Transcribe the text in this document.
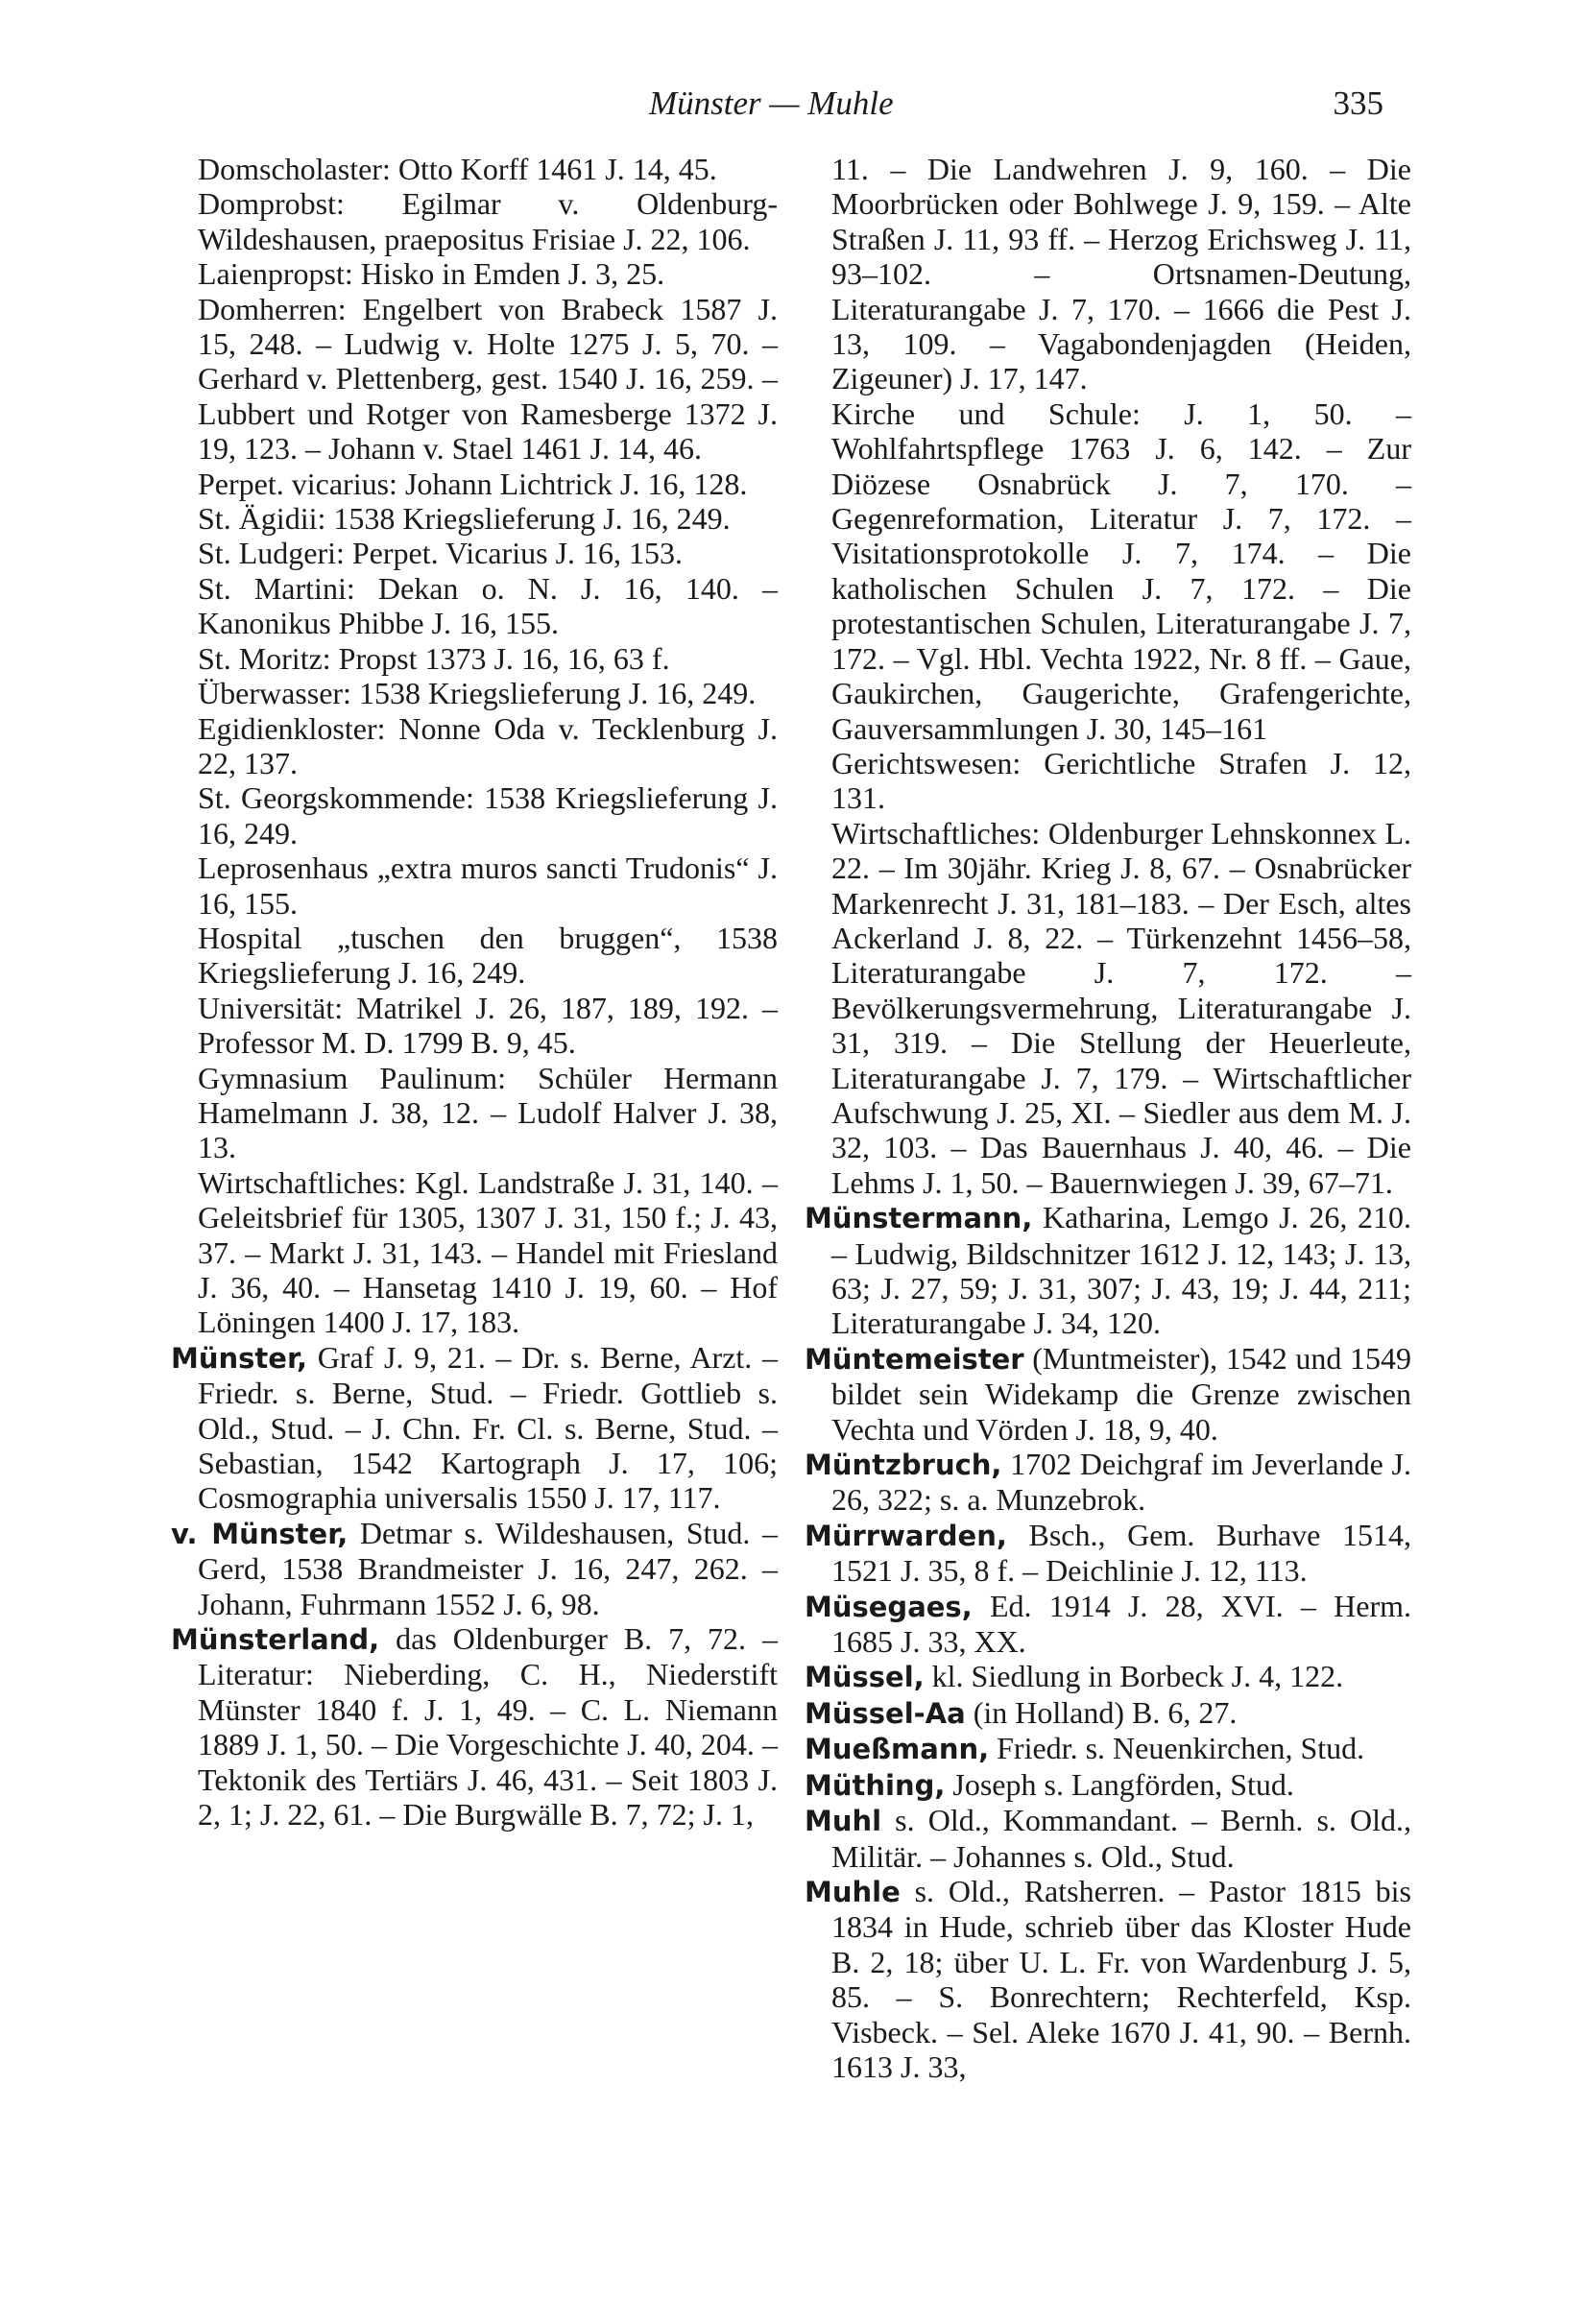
Münster — Muhle	335

Domscholaster: Otto Korff 1461 J. 14, 45.

Domprobst: Egilmar v. Oldenburg-Wildeshausen, praepositus Frisiae J. 22, 106.

Laienpropst: Hisko in Emden J. 3, 25.

Domherren: Engelbert von Brabeck 1587 J. 15, 248. – Ludwig v. Holte 1275 J. 5, 70. – Gerhard v. Plettenberg, gest. 1540 J. 16, 259. – Lubbert und Rotger von Ramesberge 1372 J. 19, 123. – Johann v. Stael 1461 J. 14, 46.

Perpet. vicarius: Johann Lichtrick J. 16, 128.

St. Ägidii: 1538 Kriegslieferung J. 16, 249.

St. Ludgeri: Perpet. Vicarius J. 16, 153.

St. Martini: Dekan o. N. J. 16, 140. – Kanonikus Phibbe J. 16, 155.

St. Moritz: Propst 1373 J. 16, 16, 63 f.

Überwasser: 1538 Kriegslieferung J. 16, 249.

Egidienkloster: Nonne Oda v. Tecklenburg J. 22, 137.

St. Georgskommende: 1538 Kriegslieferung J. 16, 249.

Leprosenhaus „extra muros sancti Trudonis“ J. 16, 155.

Hospital „tuschen den bruggen“, 1538 Kriegslieferung J. 16, 249.

Universität: Matrikel J. 26, 187, 189, 192. – Professor M. D. 1799 B. 9, 45.

Gymnasium Paulinum: Schüler Hermann Hamelmann J. 38, 12. – Ludolf Halver J. 38, 13.

Wirtschaftliches: Kgl. Landstraße J. 31, 140. – Geleitsbrief für 1305, 1307 J. 31, 150 f.; J. 43, 37. – Markt J. 31, 143. – Handel mit Friesland J. 36, 40. – Hansetag 1410 J. 19, 60. – Hof Löningen 1400 J. 17, 183.

Münster, Graf J. 9, 21. – Dr. s. Berne, Arzt. – Friedr. s. Berne, Stud. – Friedr. Gottlieb s. Old., Stud. – J. Chn. Fr. Cl. s. Berne, Stud. – Sebastian, 1542 Kartograph J. 17, 106; Cosmographia universalis 1550 J. 17, 117.

v. Münster, Detmar s. Wildeshausen, Stud. – Gerd, 1538 Brandmeister J. 16, 247, 262. – Johann, Fuhrmann 1552 J. 6, 98.

Münsterland, das Oldenburger B. 7, 72. – Literatur: Nieberding, C. H., Niederstift Münster 1840 f. J. 1, 49. – C. L. Niemann 1889 J. 1, 50. – Die Vorgeschichte J. 40, 204. – Tektonik des Tertiärs J. 46, 431. – Seit 1803 J. 2, 1; J. 22, 61. – Die Burgwälle B. 7, 72; J. 1,

11. – Die Landwehren J. 9, 160. – Die Moorbrücken oder Bohlwege J. 9, 159. – Alte Straßen J. 11, 93 ff. – Herzog Erichsweg J. 11, 93–102. – Ortsnamen-Deutung, Literaturangabe J. 7, 170. – 1666 die Pest J. 13, 109. – Vagabondenjagden (Heiden, Zigeuner) J. 17, 147.

Kirche und Schule: J. 1, 50. – Wohlfahrtspflege 1763 J. 6, 142. – Zur Diözese Osnabrück J. 7, 170. – Gegenreformation, Literatur J. 7, 172. – Visitationsprotokolle J. 7, 174. – Die katholischen Schulen J. 7, 172. – Die protestantischen Schulen, Literaturangabe J. 7, 172. – Vgl. Hbl. Vechta 1922, Nr. 8 ff. – Gaue, Gaukirchen, Gaugerichte, Grafengerichte, Gauversammlungen J. 30, 145–161

Gerichtswesen: Gerichtliche Strafen J. 12, 131.

Wirtschaftliches: Oldenburger Lehnskonnex L. 22. – Im 30jähr. Krieg J. 8, 67. – Osnabrücker Markenrecht J. 31, 181–183. – Der Esch, altes Ackerland J. 8, 22. – Türkenzehnt 1456–58, Literaturangabe J. 7, 172. – Bevölkerungsvermehrung, Literaturangabe J. 31, 319. – Die Stellung der Heuerleute, Literaturangabe J. 7, 179. – Wirtschaftlicher Aufschwung J. 25, XI. – Siedler aus dem M. J. 32, 103. – Das Bauernhaus J. 40, 46. – Die Lehms J. 1, 50. – Bauernwiegen J. 39, 67–71.

Münstermann, Katharina, Lemgo J. 26, 210. – Ludwig, Bildschnitzer 1612 J. 12, 143; J. 13, 63; J. 27, 59; J. 31, 307; J. 43, 19; J. 44, 211; Literaturangabe J. 34, 120.

Müntemeister (Muntmeister), 1542 und 1549 bildet sein Widekamp die Grenze zwischen Vechta und Vörden J. 18, 9, 40.

Müntzbruch, 1702 Deichgraf im Jeverlande J. 26, 322; s. a. Munzebrok.

Mürrwarden, Bsch., Gem. Burhave 1514, 1521 J. 35, 8 f. – Deichlinie J. 12, 113.

Müsegaes, Ed. 1914 J. 28, XVI. – Herm. 1685 J. 33, XX.

Müssel, kl. Siedlung in Borbeck J. 4, 122.

Müssel-Aa (in Holland) B. 6, 27.

Mueßmann, Friedr. s. Neuenkirchen, Stud.

Müthing, Joseph s. Langförden, Stud.

Muhl s. Old., Kommandant. – Bernh. s. Old., Militär. – Johannes s. Old., Stud.

Muhle s. Old., Ratsherren. – Pastor 1815 bis 1834 in Hude, schrieb über das Kloster Hude B. 2, 18; über U. L. Fr. von Wardenburg J. 5, 85. – S. Bonrechtern; Rechterfeld, Ksp. Visbeck. – Sel. Aleke 1670 J. 41, 90. – Bernh. 1613 J. 33,
